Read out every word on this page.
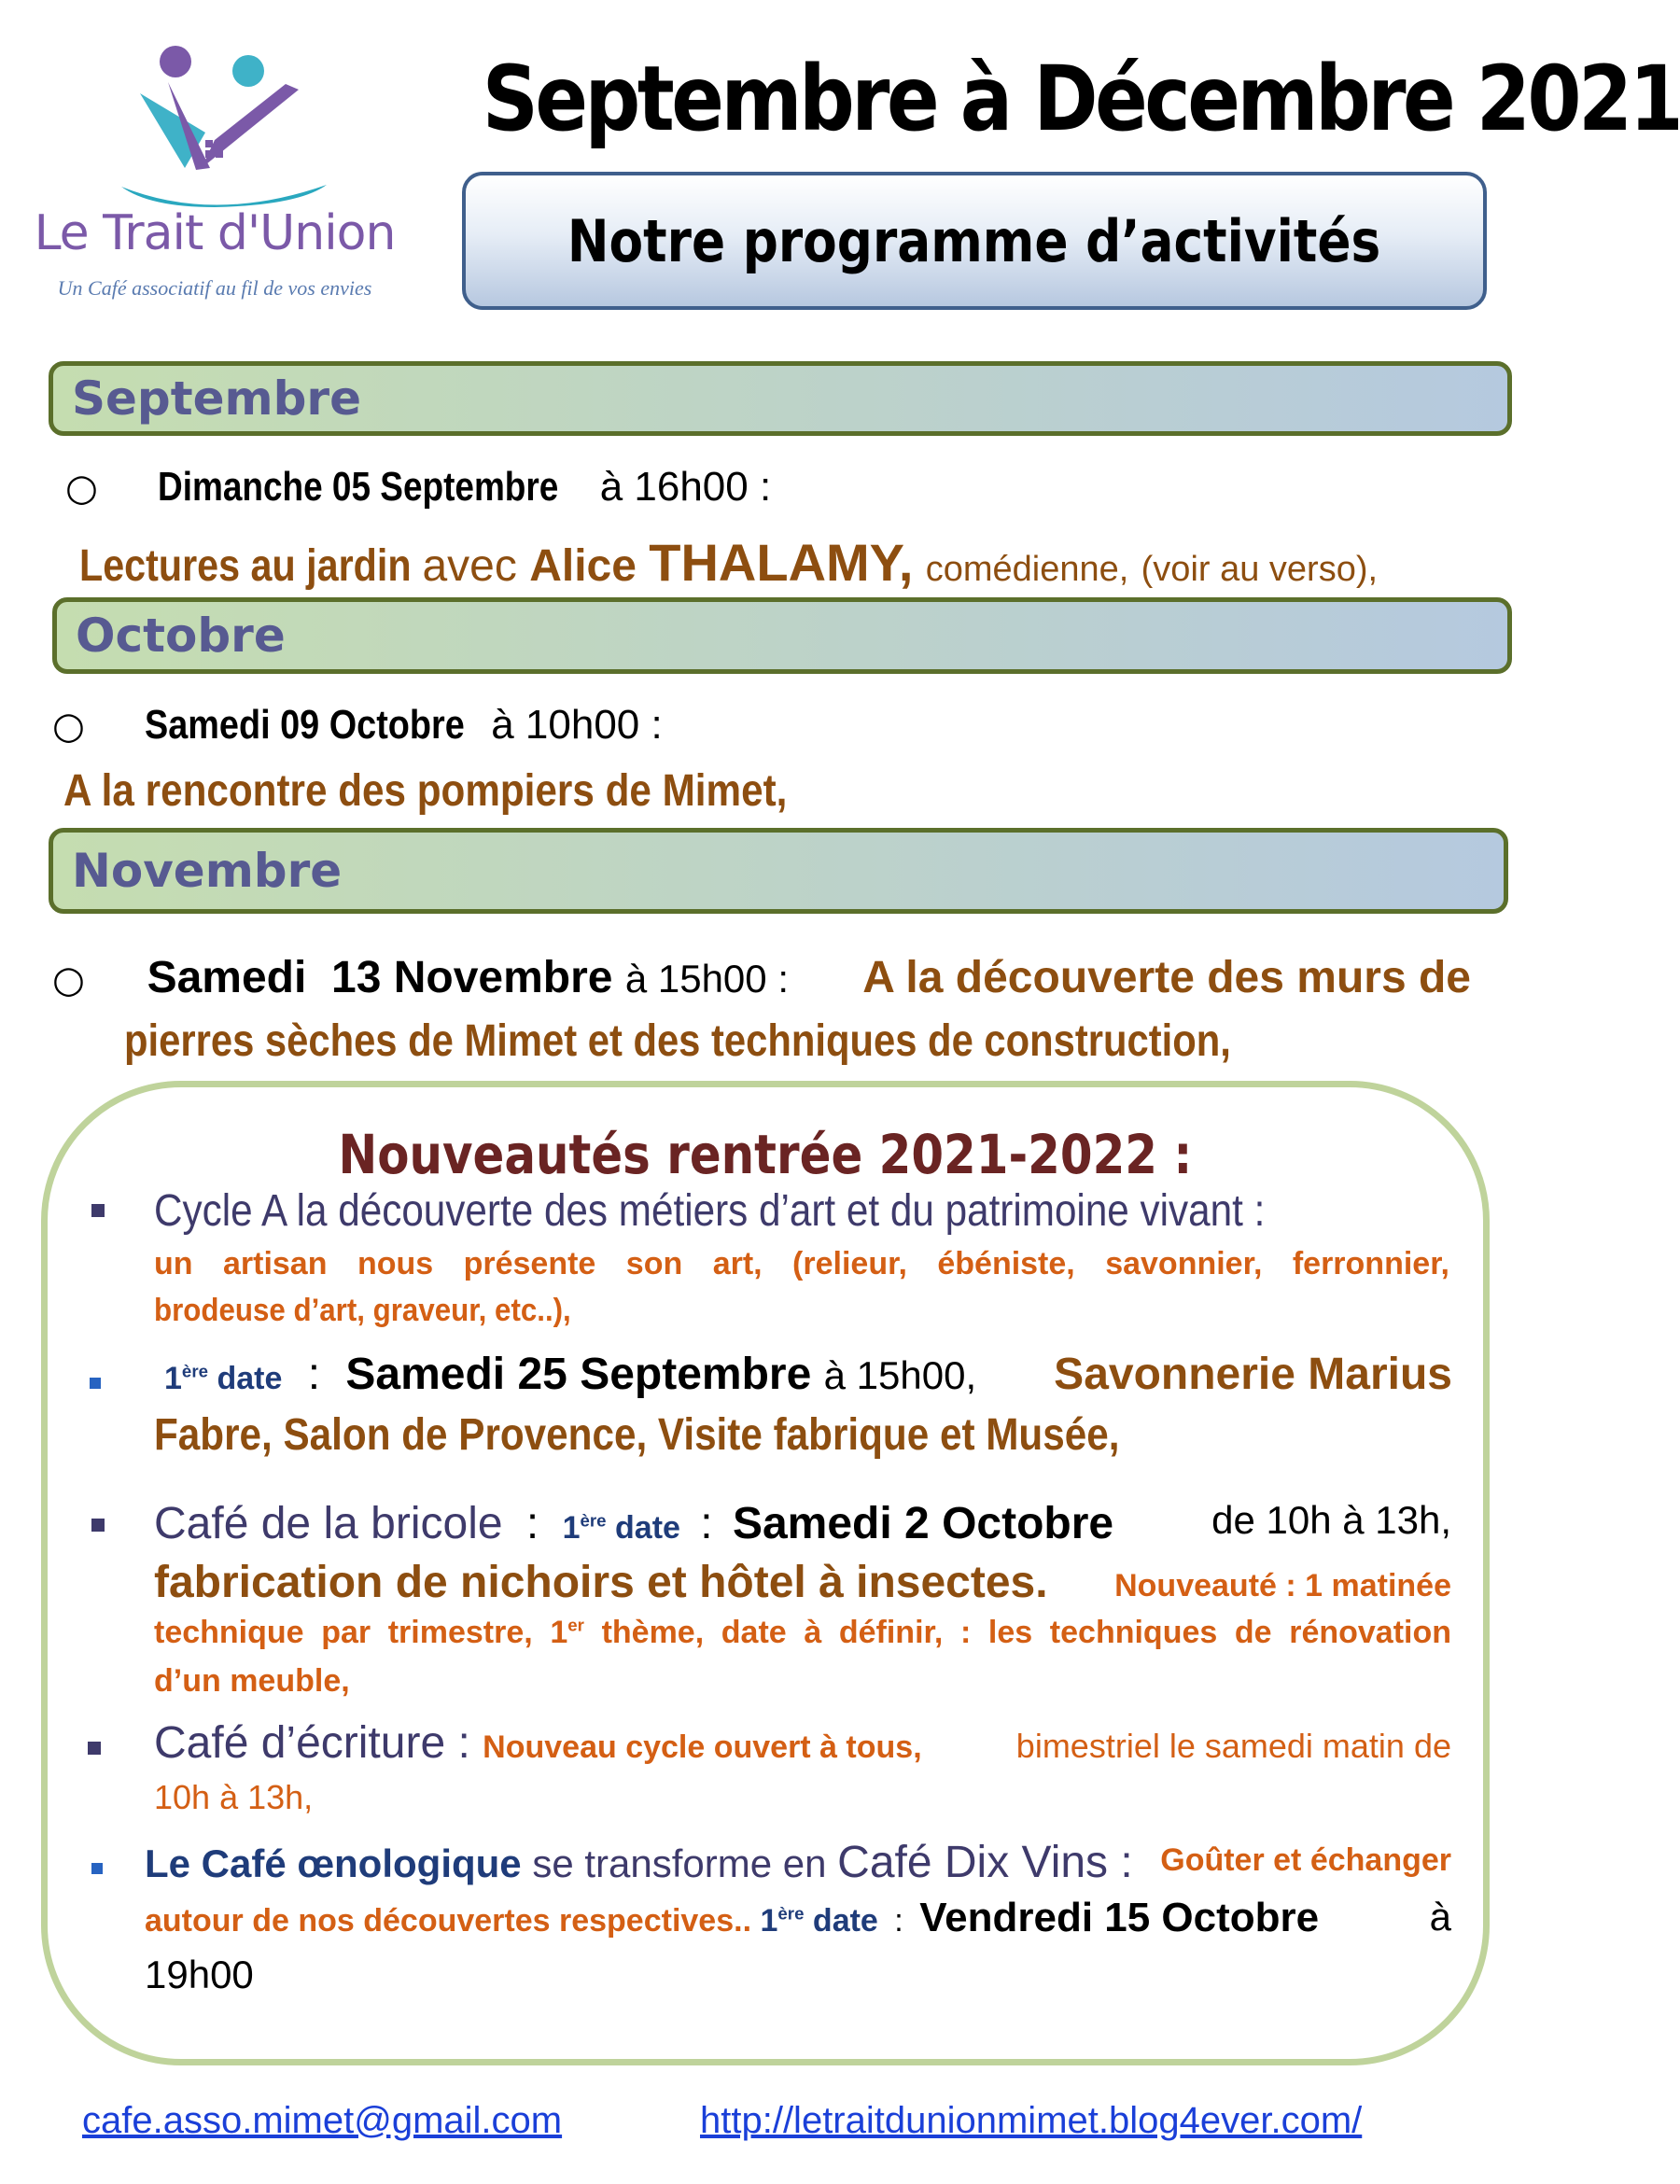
Le Trait d'Union
Un Café associatif au fil de vos envies
Septembre à Décembre 2021
Notre programme d’activités
Septembre
○ Dimanche 05 Septembre à 16h00 :
Lectures au jardin avec Alice THALAMY, comédienne, (voir au verso),
Octobre
○ Samedi 09 Octobre à 10h00 :
A la rencontre des pompiers de Mimet,
Novembre
○ Samedi  13 Novembre à 15h00 : A la découverte des murs de
pierres sèches de Mimet et des techniques de construction,
Nouveautés rentrée 2021-2022 :
Cycle A la découverte des métiers d’art et du patrimoine vivant :
un artisan nous présente son art, (relieur, ébéniste, savonnier, ferronnier,
brodeuse d’art, graveur, etc..),
1ère date : Samedi 25 Septembre à 15h00, Savonnerie Marius
Fabre, Salon de Provence, Visite fabrique et Musée,
Café de la bricole : 1ère date : Samedi 2 Octobre de 10h à 13h,
fabrication de nichoirs et hôtel à insectes. Nouveauté : 1 matinée
technique par trimestre, 1er thème, date à définir, : les techniques de rénovation
d’un meuble,
Café d’écriture : Nouveau cycle ouvert à tous,	bimestriel le samedi matin de
10h à 13h,
Le Café œnologique se transforme en Café Dix Vins : Goûter et échanger
autour de nos découvertes respectives.. 1ère date : Vendredi 15 Octobre	à
19h00
cafe.asso.mimet@gmail.com	http://letraitdunionmimet.blog4ever.com/
